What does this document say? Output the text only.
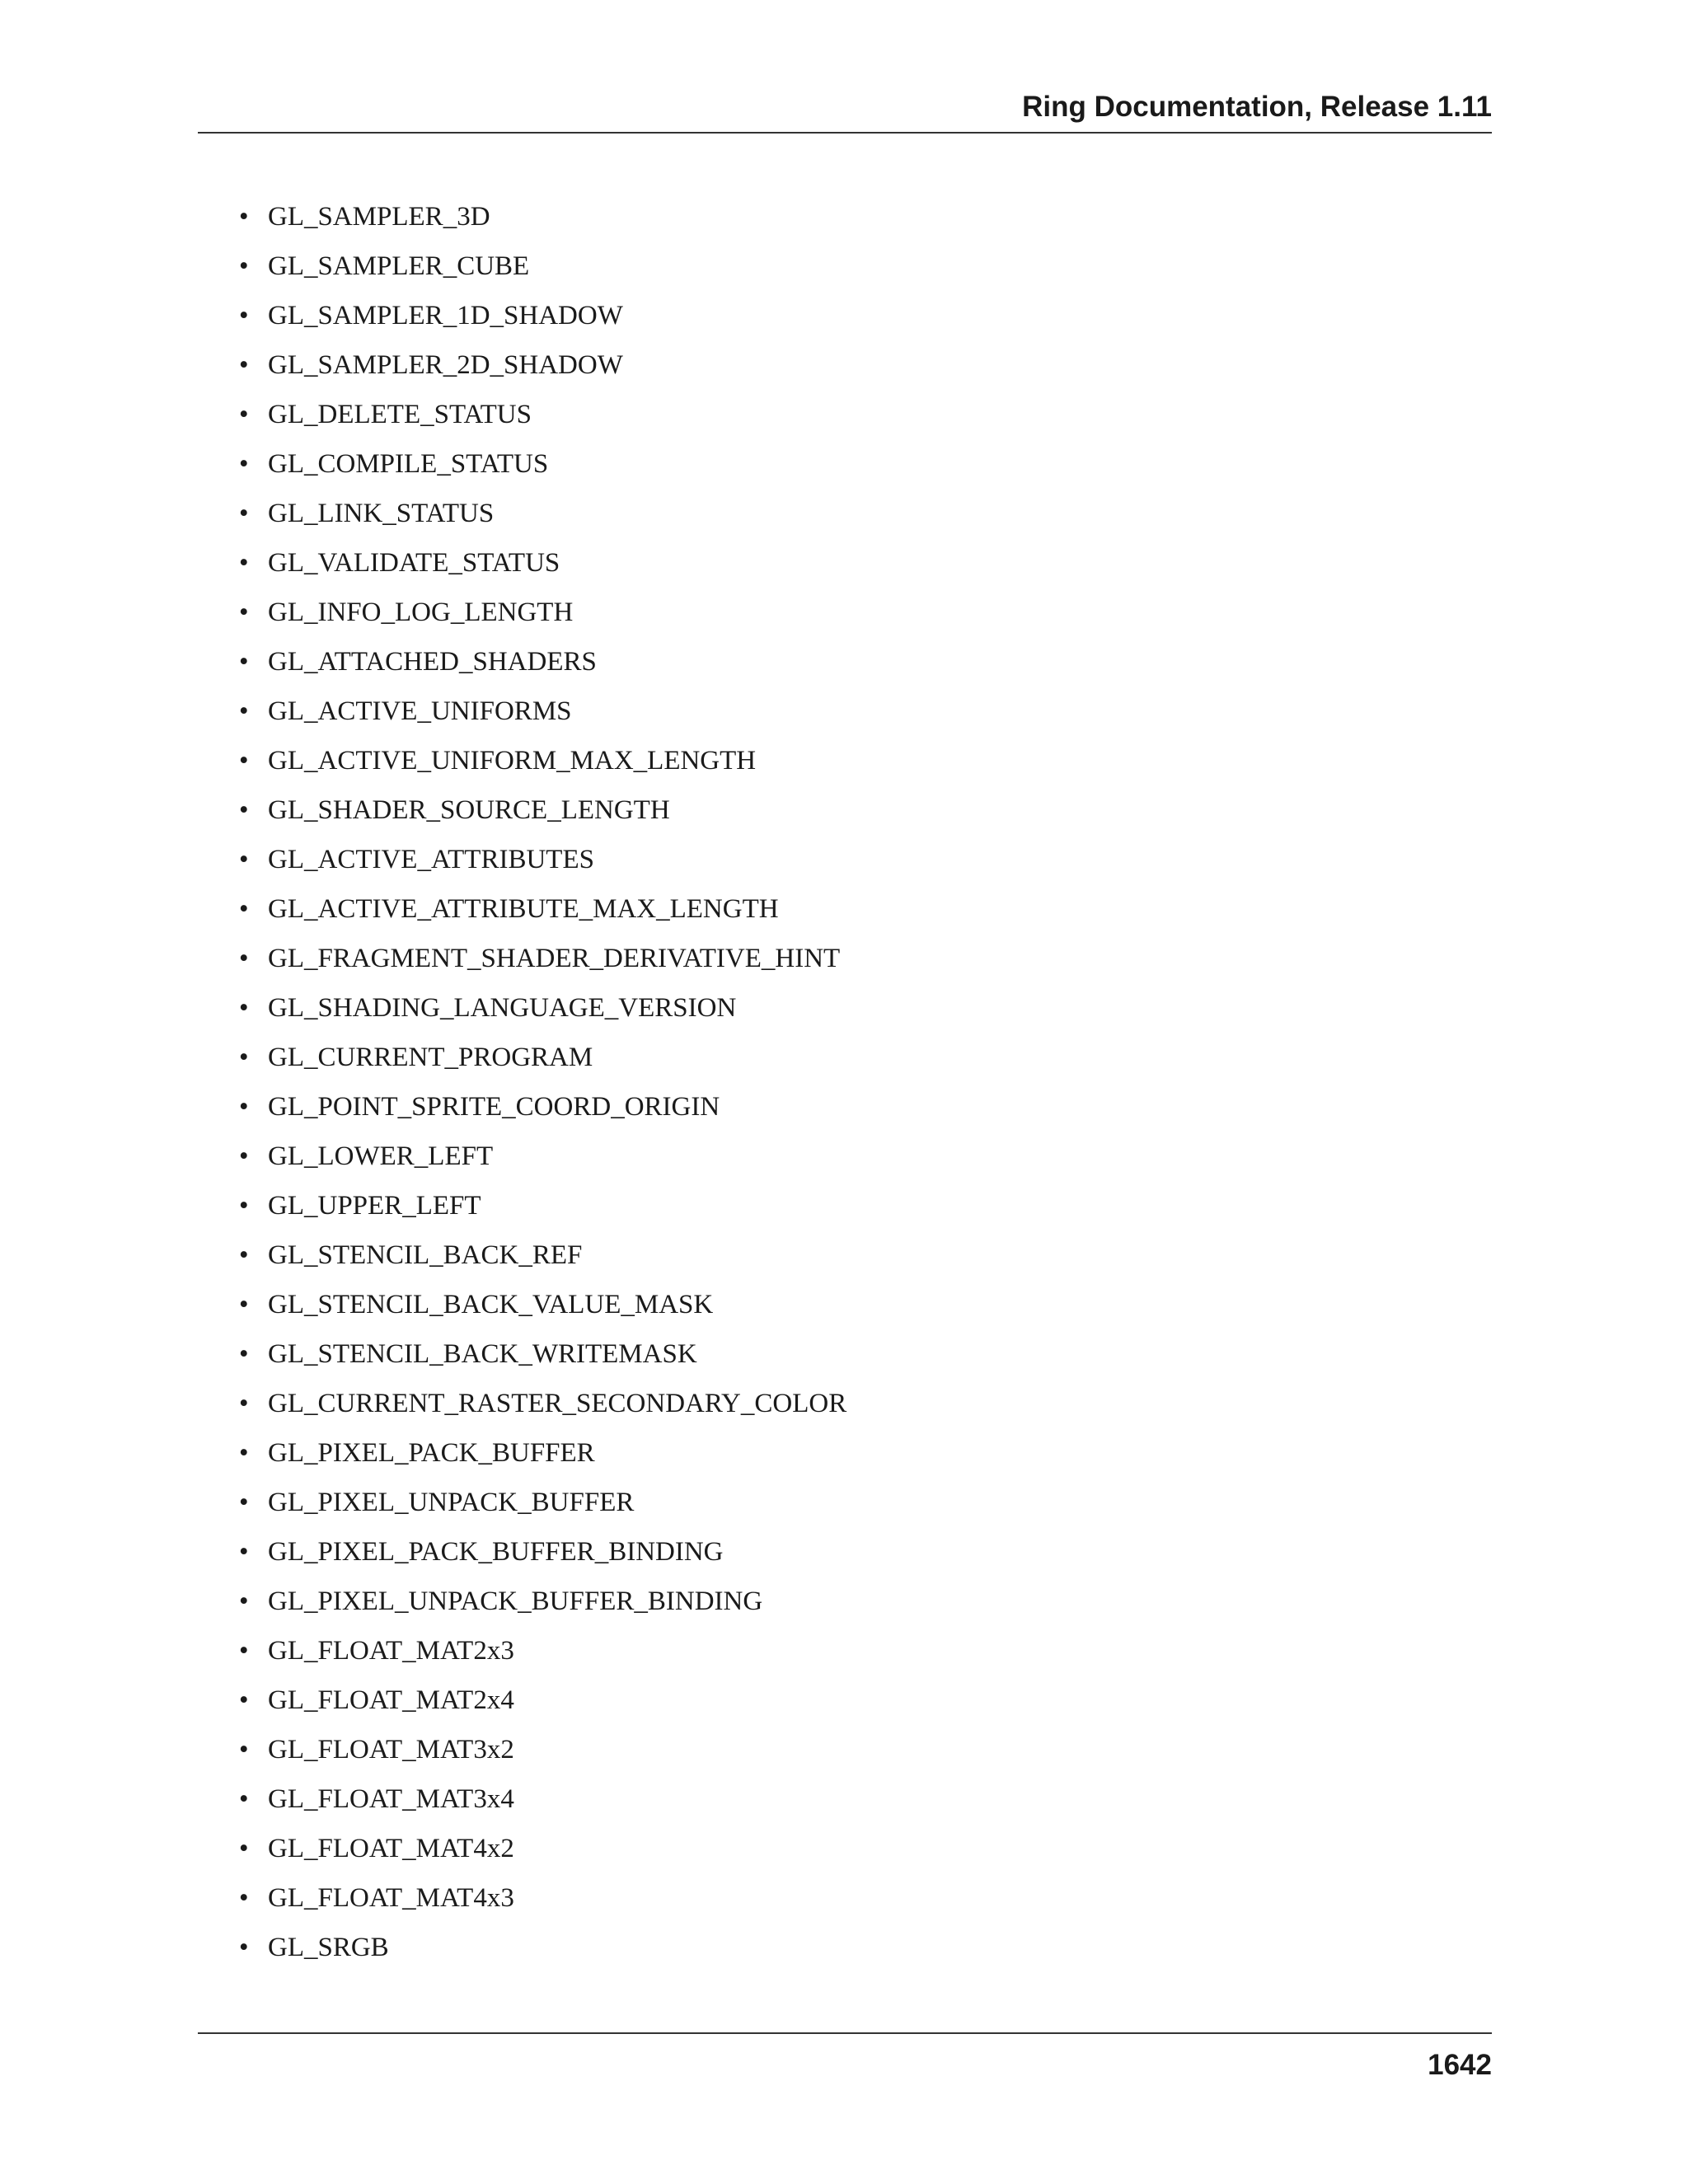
Ring Documentation, Release 1.11
• GL_SAMPLER_3D
• GL_SAMPLER_CUBE
• GL_SAMPLER_1D_SHADOW
• GL_SAMPLER_2D_SHADOW
• GL_DELETE_STATUS
• GL_COMPILE_STATUS
• GL_LINK_STATUS
• GL_VALIDATE_STATUS
• GL_INFO_LOG_LENGTH
• GL_ATTACHED_SHADERS
• GL_ACTIVE_UNIFORMS
• GL_ACTIVE_UNIFORM_MAX_LENGTH
• GL_SHADER_SOURCE_LENGTH
• GL_ACTIVE_ATTRIBUTES
• GL_ACTIVE_ATTRIBUTE_MAX_LENGTH
• GL_FRAGMENT_SHADER_DERIVATIVE_HINT
• GL_SHADING_LANGUAGE_VERSION
• GL_CURRENT_PROGRAM
• GL_POINT_SPRITE_COORD_ORIGIN
• GL_LOWER_LEFT
• GL_UPPER_LEFT
• GL_STENCIL_BACK_REF
• GL_STENCIL_BACK_VALUE_MASK
• GL_STENCIL_BACK_WRITEMASK
• GL_CURRENT_RASTER_SECONDARY_COLOR
• GL_PIXEL_PACK_BUFFER
• GL_PIXEL_UNPACK_BUFFER
• GL_PIXEL_PACK_BUFFER_BINDING
• GL_PIXEL_UNPACK_BUFFER_BINDING
• GL_FLOAT_MAT2x3
• GL_FLOAT_MAT2x4
• GL_FLOAT_MAT3x2
• GL_FLOAT_MAT3x4
• GL_FLOAT_MAT4x2
• GL_FLOAT_MAT4x3
• GL_SRGB
1642
